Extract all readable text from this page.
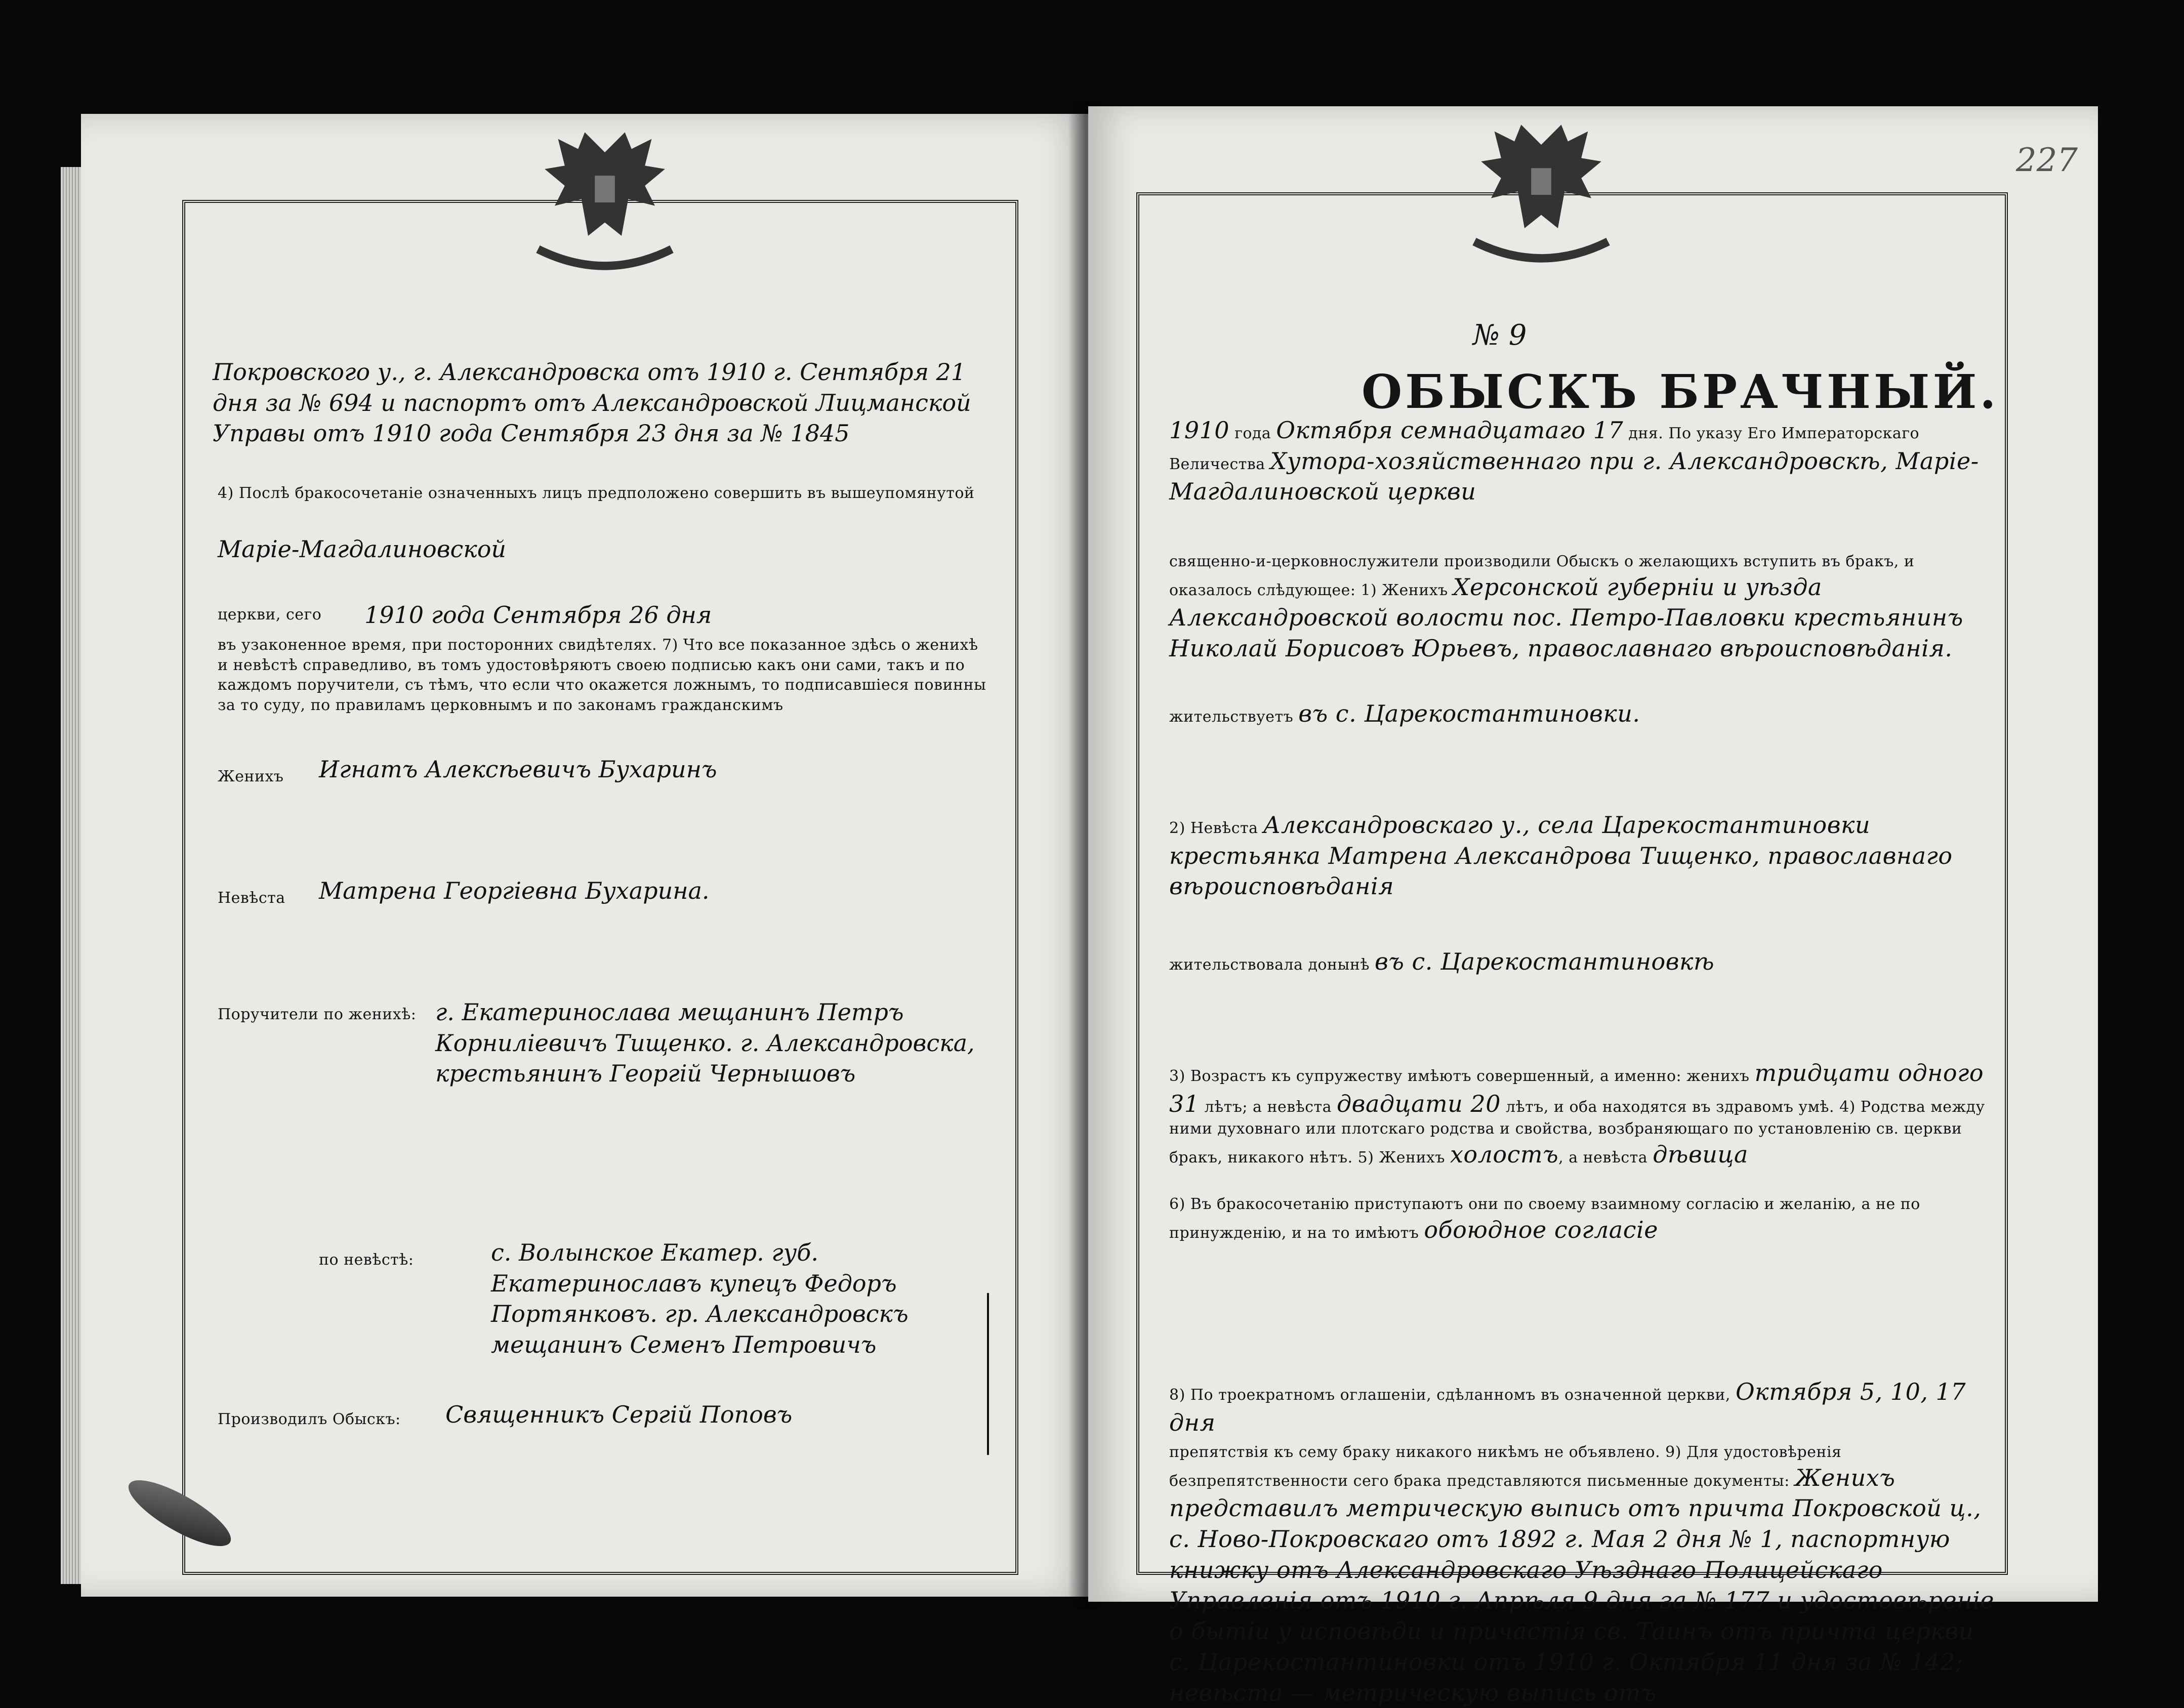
Покровского у., г. Александровска отъ 1910 г. Сентября 21 дня за № 694 и паспортъ отъ Александровской Лицманской Управы отъ 1910 года Сентября 23 дня за № 1845
4) Послѣ бракосочетанiе означенныхъ лицъ предположено совершить въ вышеупомянутой
Марiе-Магдалиновской
церкви, сего	1910 года Сентября 26 дня
въ узаконенное время, при посторонних свидѣтелях. 7) Что все показанное здѣсь о женихѣ и невѣстѣ справедливо, въ томъ удостовѣряютъ своею подписью какъ они сами, такъ и по каждомъ поручители, съ тѣмъ, что если что окажется ложнымъ, то подписавшiеся повинны за то суду, по правиламъ церковнымъ и по законамъ гражданскимъ
Женихъ	Игнатъ Алексѣевичъ Бухаринъ
Невѣста	Матрена Георгiевна Бухарина.
Поручители по женихѣ: г. Екатеринослава мещанинъ Петръ Корнилiевичъ Тищенко. г. Александровска, крестьянинъ Георгiй Чернышовъ
по невѣстѣ:	с. Волынское Екатер. губ. Екатеринославъ купецъ Федоръ Портянковъ. гр. Александровскъ мещанинъ Семенъ Петровичъ
Производилъ Обыскъ:	Священникъ Сергiй Поповъ
227
№ 9
ОБЫСКЪ БРАЧНЫЙ.
1910 года Октября семнадцатаго 17 дня. По указу Его Императорскаго Величества Хутора-хозяйственнаго при г. Александровскѣ, Марiе-Магдалиновской церкви
священно-и-церковнослужители производили Обыскъ о желающихъ вступить въ бракъ, и оказалось слѣдующее: 1) Женихъ Херсонской губернiи и уѣзда Александровской волости пос. Петро-Павловки крестьянинъ Николай Борисовъ Юрьевъ, православнаго вѣроисповѣданiя.
жительствуетъ въ с. Царекостантиновки.
2) Невѣста Александровскаго у., села Царекостантиновки крестьянка Матрена Александрова Тищенко, православнаго вѣроисповѣданiя
жительствовала донынѣ въ с. Царекостантиновкѣ
3) Возрастъ къ супружеству имѣютъ совершенный, а именно: женихъ тридцати одного 31 лѣтъ; а невѣста двадцати 20 лѣтъ, и оба находятся въ здравомъ умѣ. 4) Родства между ними духовнаго или плотскаго родства и свойства, возбраняющаго по установленiю св. церкви бракъ, никакого нѣтъ. 5) Женихъ холостъ, а невѣста дѣвица
6) Въ бракосочетанiю приступаютъ они по своему взаимному согласiю и желанiю, а не по принужденiю, и на то имѣютъ обоюдное согласiе
8) По троекратномъ оглашенiи, сдѣланномъ въ означенной церкви, Октября 5, 10, 17 дня
препятствiя къ сему браку никакого никѣмъ не объявлено. 9) Для удостовѣренiя безпрепятственности сего брака представляются письменные документы: Женихъ представилъ метрическую выпись отъ причта Покровской ц., с. Ново-Покровскаго отъ 1892 г. Мая 2 дня № 1, паспортную книжку отъ Александровскаго Уѣзднаго Полицейскаго Управленiя отъ 1910 г. Апрѣля 9 дня за № 177 и удостовѣренiе о бытiи у исповѣди и причастiя св. Таинъ отъ причта церкви с. Царекостантиновки отъ 1910 г. Октября 11 дня за № 142; невѣста — метрическую выпись отъ
